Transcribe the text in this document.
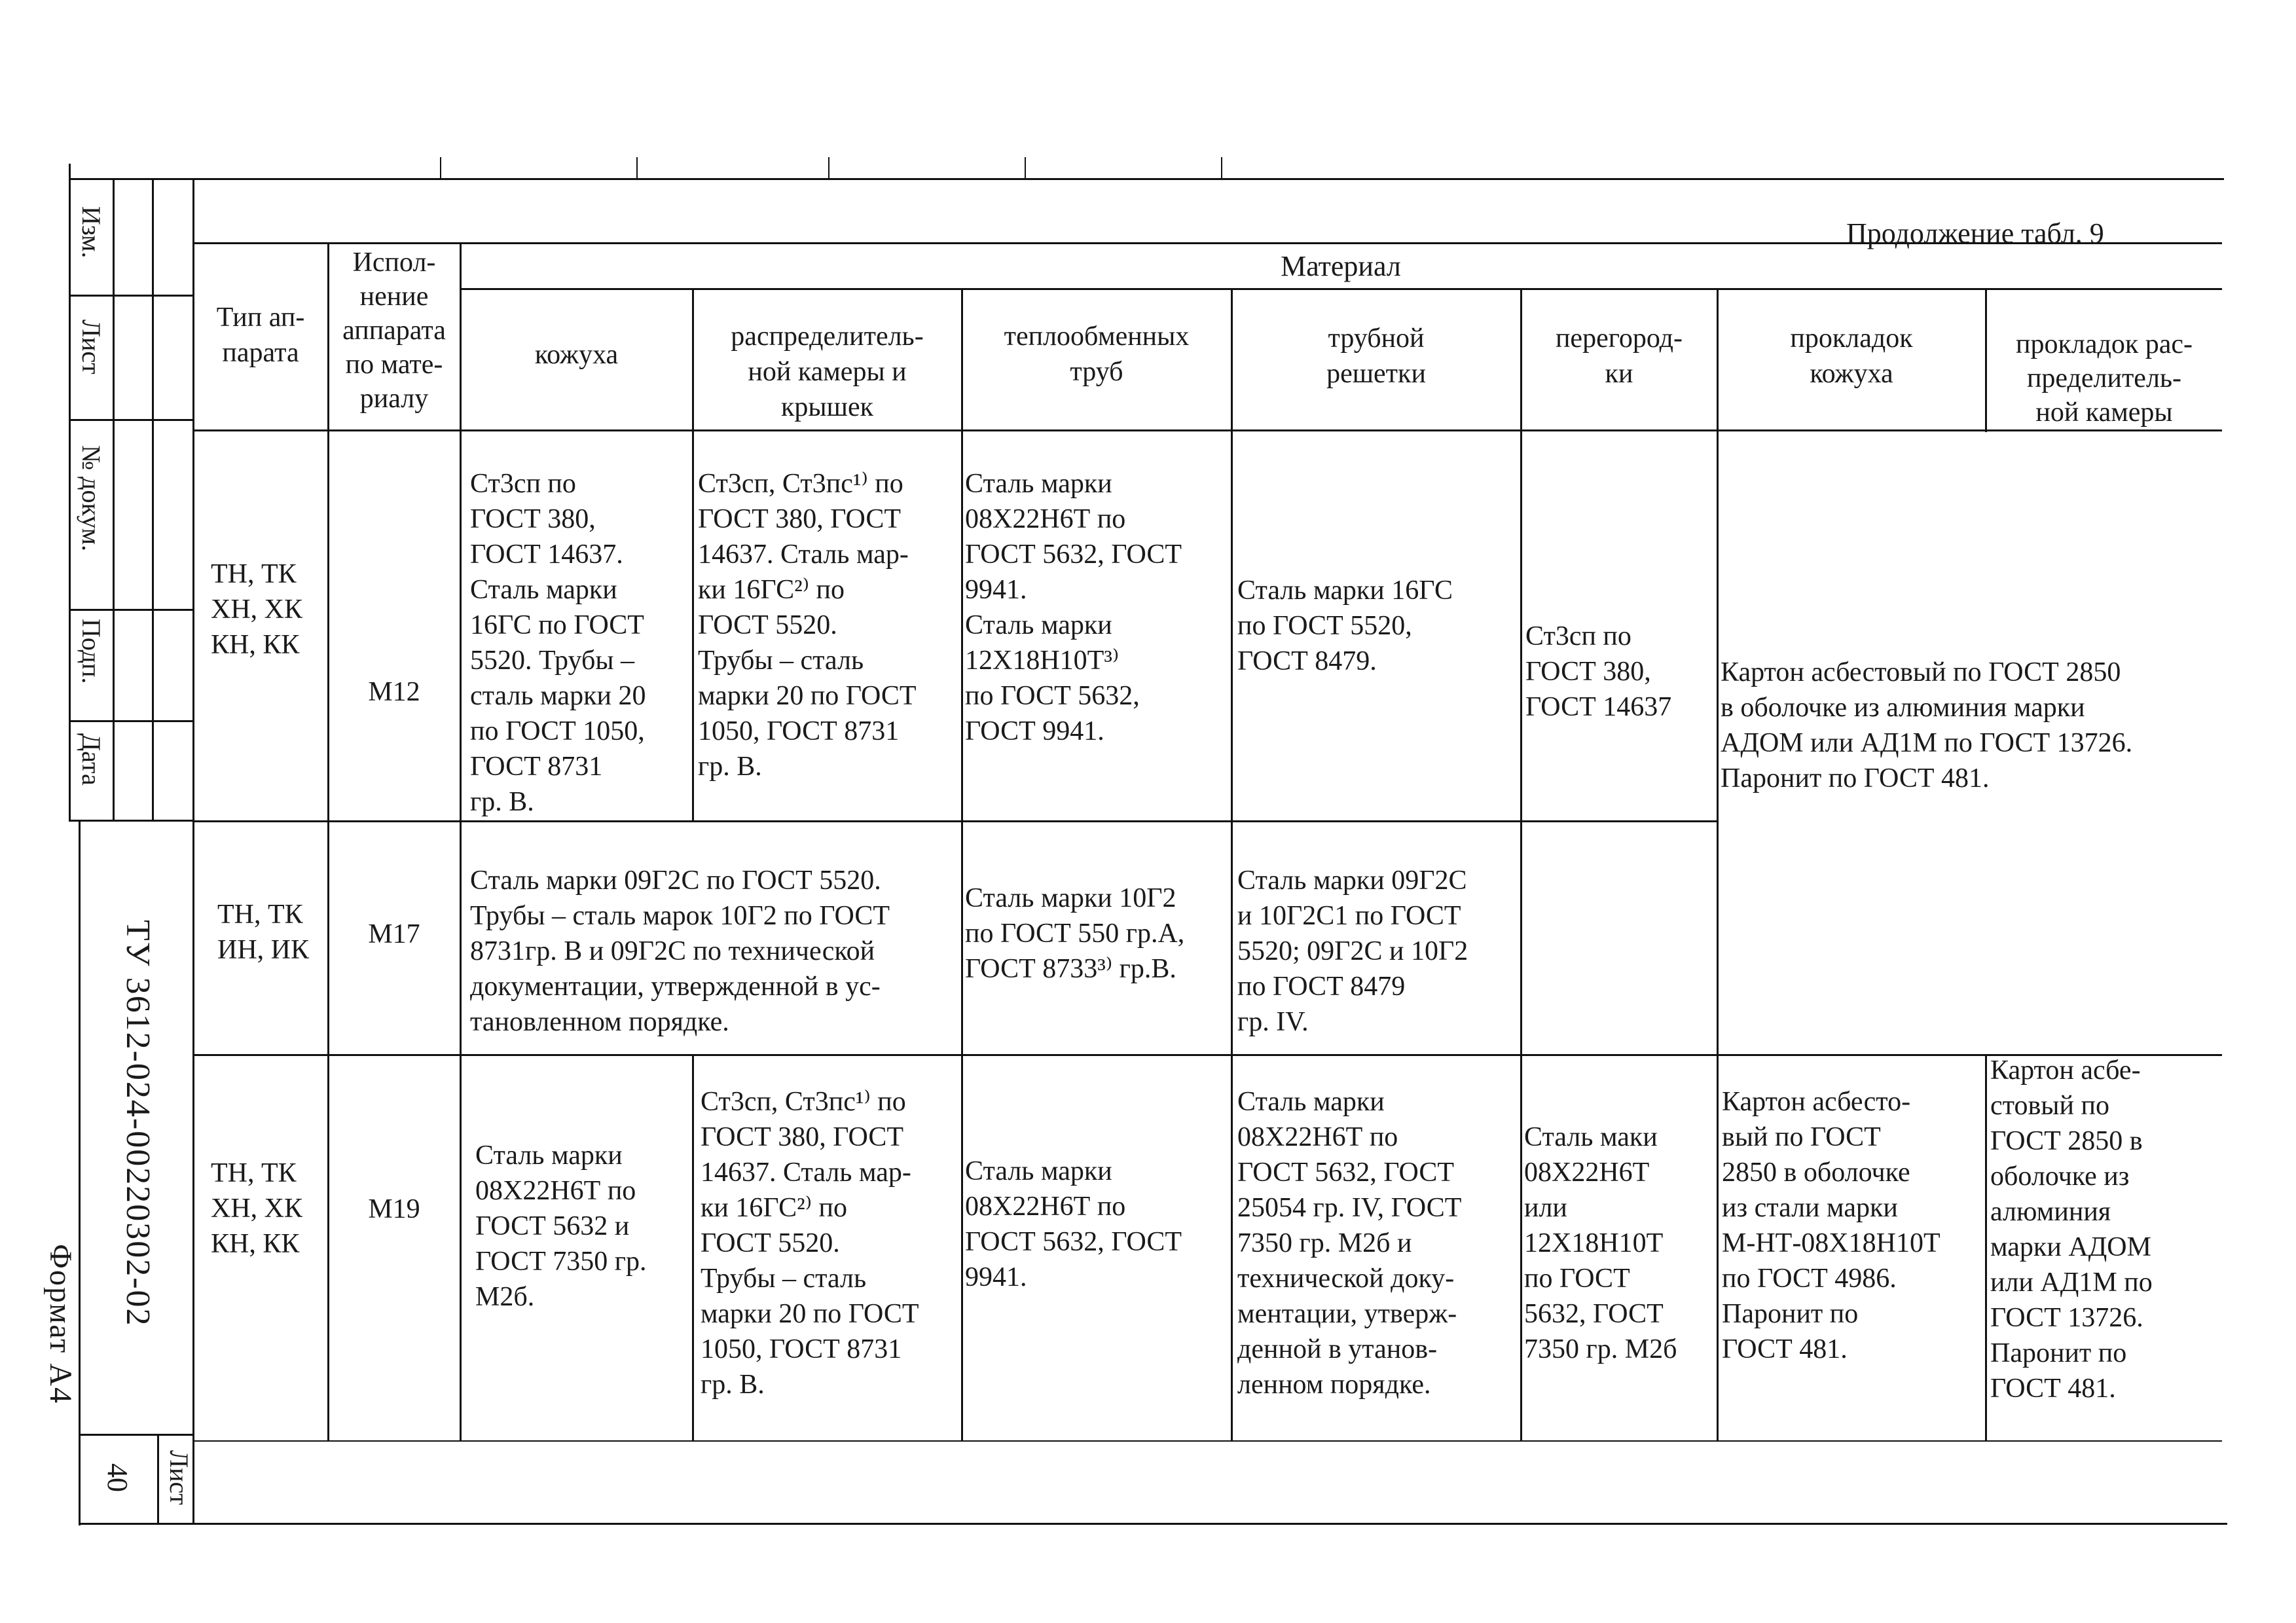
Изм.
Лист
№ докум.
Подп.
Дата
ТУ 3612-024-00220302-02
Формат А4
Лист
40
Продолжение табл. 9
Материал
Тип ап-
парата
Испол-
нение
аппарата
по мате-
риалу
кожуха
распределитель-
ной камеры и
крышек
теплообменных
труб
трубной
решетки
перегород-
ки
прокладок
кожуха
прокладок рас-
пределитель-
ной камеры
ТН, ТК
ХН, ХК
КН, КК
М12
Ст3сп по
ГОСТ 380,
ГОСТ 14637.
Сталь марки
16ГС по ГОСТ
5520. Трубы –
сталь марки 20
по ГОСТ 1050,
ГОСТ 8731
гр. В.
Ст3сп, Ст3пс¹⁾ по
ГОСТ 380, ГОСТ
14637. Сталь мар-
ки 16ГС²⁾ по
ГОСТ 5520.
Трубы – сталь
марки 20 по ГОСТ
1050, ГОСТ 8731
гр. В.
Сталь марки
08Х22Н6Т по
ГОСТ 5632, ГОСТ
9941.
Сталь марки
12Х18Н10Т³⁾
по ГОСТ 5632,
ГОСТ 9941.
Сталь марки 16ГС
по ГОСТ 5520,
ГОСТ 8479.
Ст3сп по
ГОСТ 380,
ГОСТ 14637
Картон асбестовый по ГОСТ 2850
в оболочке из алюминия марки
АДОМ или АД1М по ГОСТ 13726.
Паронит по ГОСТ 481.
ТН, ТК
ИН, ИК
М17
Сталь марки 09Г2С по ГОСТ 5520.
Трубы – сталь марок 10Г2 по ГОСТ
8731гр. В и 09Г2С по технической
документации, утвержденной в ус-
тановленном порядке.
Сталь марки 10Г2
по ГОСТ 550 гр.А,
ГОСТ 8733³⁾ гр.В.
Сталь марки 09Г2С
и 10Г2С1 по ГОСТ
5520; 09Г2С и 10Г2
по ГОСТ 8479
гр. IV.
ТН, ТК
ХН, ХК
КН, КК
М19
Сталь марки
08Х22Н6Т по
ГОСТ 5632 и
ГОСТ 7350 гр.
М2б.
Ст3сп, Ст3пс¹⁾ по
ГОСТ 380, ГОСТ
14637. Сталь мар-
ки 16ГС²⁾ по
ГОСТ 5520.
Трубы – сталь
марки 20 по ГОСТ
1050, ГОСТ 8731
гр. В.
Сталь марки
08Х22Н6Т по
ГОСТ 5632, ГОСТ
9941.
Сталь марки
08Х22Н6Т по
ГОСТ 5632, ГОСТ
25054 гр. IV, ГОСТ
7350 гр. М2б и
технической доку-
ментации, утверж-
денной в утанов-
ленном порядке.
Сталь маки
08Х22Н6Т
или
12Х18Н10Т
по ГОСТ
5632, ГОСТ
7350 гр. М2б
Картон асбесто-
вый по ГОСТ
2850 в оболочке
из стали марки
М-НТ-08Х18Н10Т
по ГОСТ 4986.
Паронит по
ГОСТ 481.
Картон асбе-
стовый по
ГОСТ 2850 в
оболочке из
алюминия
марки АДОМ
или АД1М по
ГОСТ 13726.
Паронит по
ГОСТ 481.
